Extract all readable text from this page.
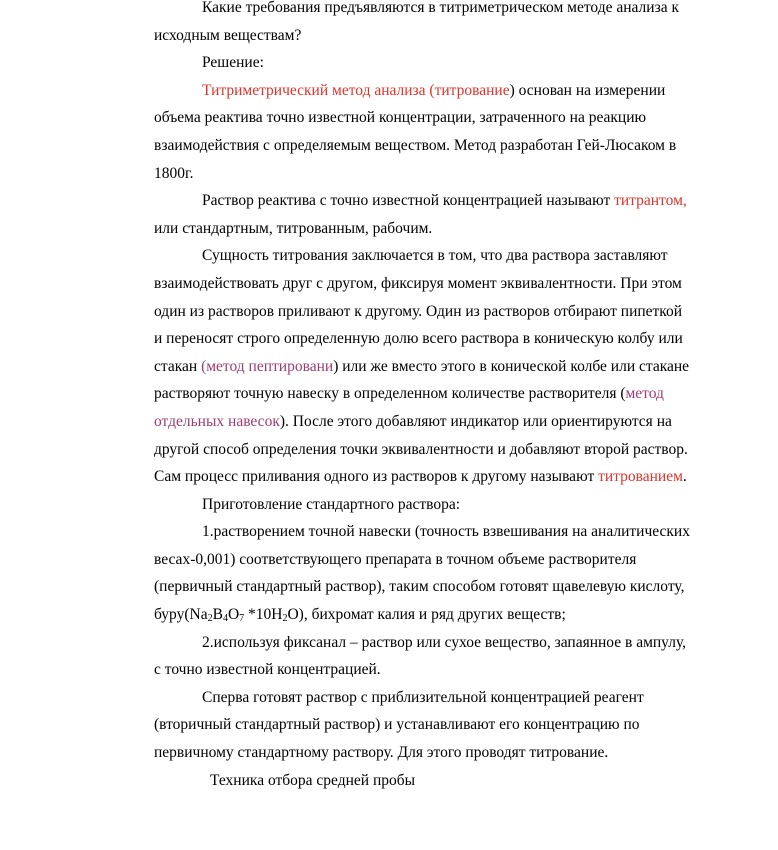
Какие требования предъявляются в титриметрическом методе анализа к исходным веществам?

Решение:

Титриметрический метод анализа (титрование) основан на измерении объема реактива точно известной концентрации, затраченного на реакцию взаимодействия с определяемым веществом. Метод разработан Гей-Люсаком в 1800г.

Раствор реактива с точно известной концентрацией называют титрантом, или стандартным, титрованным, рабочим.

Сущность титрования заключается в том, что два раствора заставляют взаимодействовать друг с другом, фиксируя момент эквивалентности. При этом один из растворов приливают к другому. Один из растворов отбирают пипеткой и переносят строго определенную долю всего раствора в коническую колбу или стакан (метод пептировани) или же вместо этого в конической колбе или стакане растворяют точную навеску в определенном количестве растворителя (метод отдельных навесок). После этого добавляют индикатор или ориентируются на другой способ определения точки эквивалентности и добавляют второй раствор. Сам процесс приливания одного из растворов к другому называют титрованием.

Приготовление стандартного раствора:

1.растворением точной навески (точность взвешивания на аналитических весах-0,001) соответствующего препарата в точном объеме растворителя (первичный стандартный раствор), таким способом готовят щавелевую кислоту, $буру(Na_2B_4O_7$ $*10H_2O$), бихромат калия и ряд других веществ;

2.используя фиксанал – раствор или сухое вещество, запаянное в ампулу, с точно известной концентрацией.

Сперва готовят раствор с приблизительной концентрацией реагент (вторичный стандартный раствор) и устанавливают его концентрацию по первичному стандартному раствору. Для этого проводят титрование.

Техника отбора средней пробы
